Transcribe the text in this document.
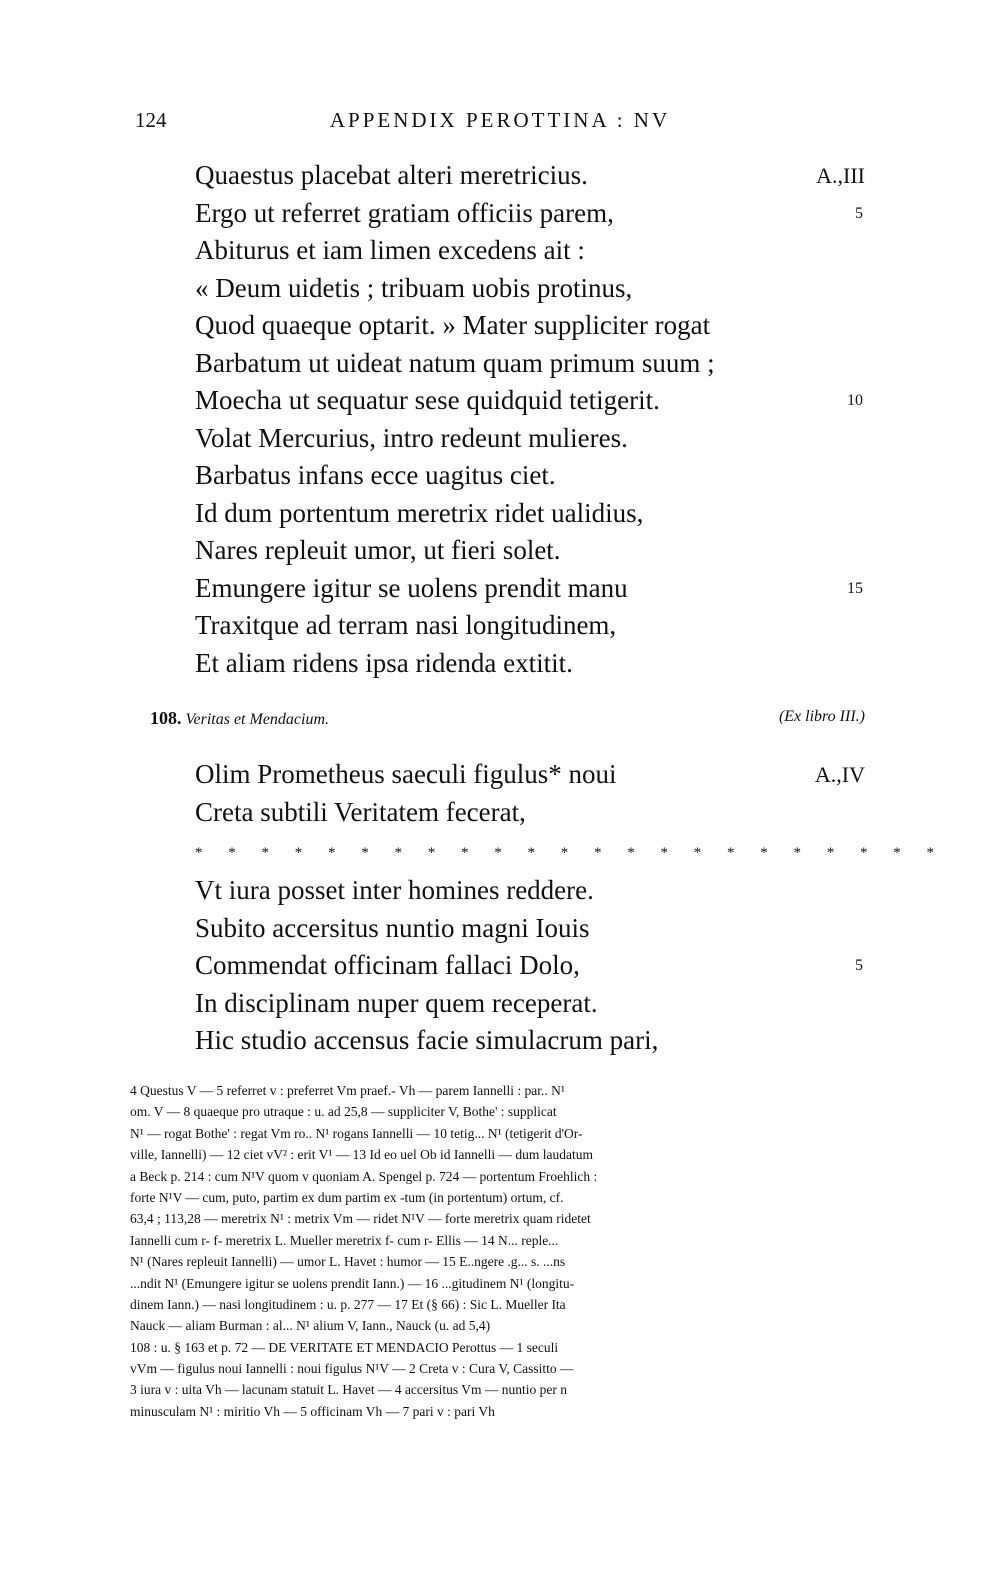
124	APPENDIX PEROTTINA : NV
Quaestus placebat alteri meretricius.	A.,III
Ergo ut referret gratiam officiis parem,	5
Abiturus et iam limen excedens ait :
« Deum uidetis ; tribuam uobis protinus,
Quod quaeque optarit. » Mater suppliciter rogat
Barbatum ut uideat natum quam primum suum ;
Moecha ut sequatur sese quidquid tetigerit.	10
Volat Mercurius, intro redeunt mulieres.
Barbatus infans ecce uagitus ciet.
Id dum portentum meretrix ridet ualidius,
Nares repleuit umor, ut fieri solet.
Emungere igitur se uolens prendit manu	15
Traxitque ad terram nasi longitudinem,
Et aliam ridens ipsa ridenda extitit.
108. Veritas et Mendacium.	(Ex libro III.)
Olim Prometheus saeculi figulus* noui	A.,IV
Creta subtili Veritatem fecerat,
* * * * * * * * * * * * * * * * * * * * * * *
Vt iura posset inter homines reddere.
Subito accersitus nuntio magni Iouis
Commendat officinam fallaci Dolo,	5
In disciplinam nuper quem receperat.
Hic studio accensus facie simulacrum pari,
4 Questus V — 5 referret v : preferret Vm praef.- Vh — parem Iannelli : par.. N¹
om. V — 8 quaeque pro utraque : u. ad 25,8 — suppliciter V, Bothe' : supplicat
N¹ — rogat Bothe' : regat Vm ro.. N¹ rogans Iannelli — 10 tetig... N¹ (tetigerit d'Or-
ville, Iannelli) — 12 ciet vV² : erit V¹ — 13 Id eo uel Ob id Iannelli — dum laudatum
a Beck p. 214 : cum N¹V quom v quoniam A. Spengel p. 724 — portentum Froehlich :
forte N¹V — cum, puto, partim ex dum partim ex -tum (in portentum) ortum, cf.
63,4 ; 113,28 — meretrix N¹ : metrix Vm — ridet N¹V — forte meretrix quam ridetet
Iannelli cum r- f- meretrix L. Mueller meretrix f- cum r- Ellis — 14 N... reple...
N¹ (Nares repleuit Iannelli) — umor L. Havet : humor — 15 E..ngere .g... s. ...ns
...ndit N¹ (Emungere igitur se uolens prendit Iann.) — 16 ...gitudinem N¹ (longitu-
dinem Iann.) — nasi longitudinem : u. p. 277 — 17 Et (§ 66) : Sic L. Mueller Ita
Nauck — aliam Burman : al... N¹ alium V, Iann., Nauck (u. ad 5,4)
108 : u. § 163 et p. 72 — DE VERITATE ET MENDACIO Perottus — 1 seculi
vVm — figulus noui Iannelli : noui figulus N¹V — 2 Creta v : Cura V, Cassitto —
3 iura v : uita Vh — lacunam statuit L. Havet — 4 accersitus Vm — nuntio per n
minusculam N¹ : miritio Vh — 5 officinam Vh — 7 pari v : pari Vh
